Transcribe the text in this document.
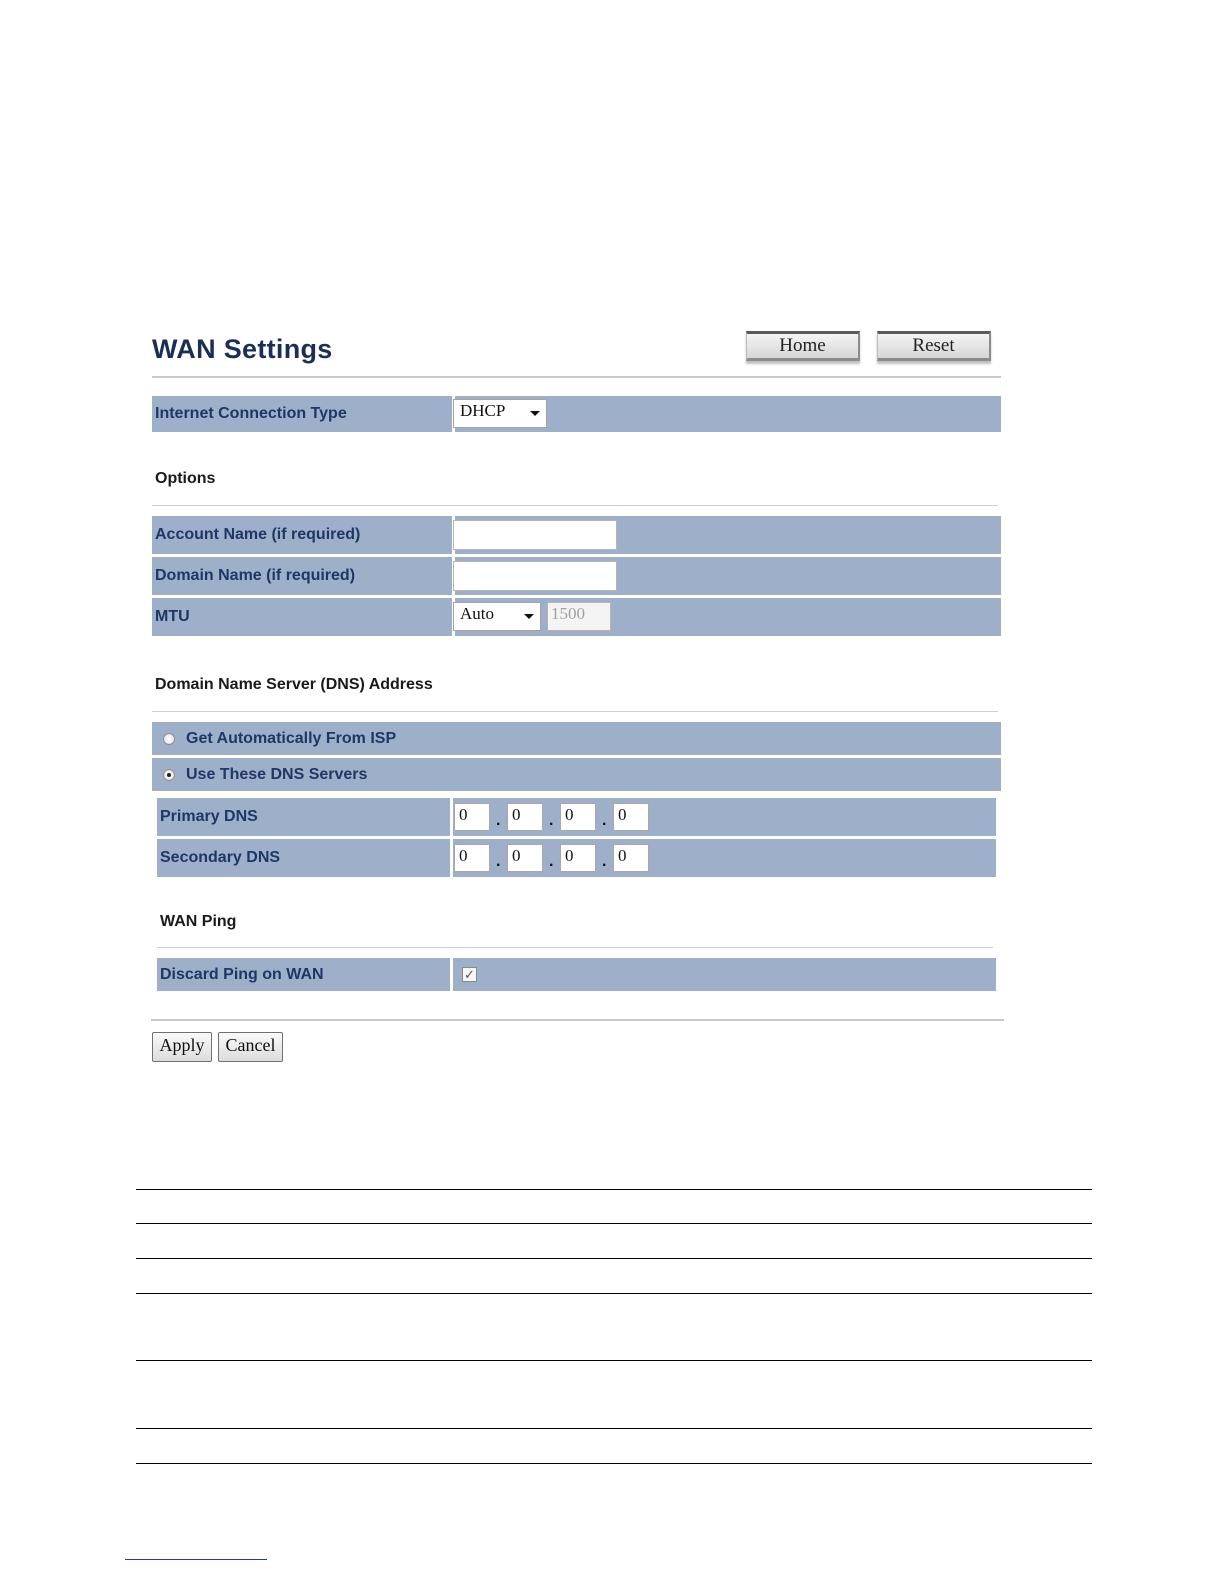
WAN Settings	Home	Reset
Internet Connection Type	DHCP
Options
Account Name (if required)
Domain Name (if required)
MTU	Auto	1500
Domain Name Server (DNS) Address
Get Automatically From ISP
Use These DNS Servers
Primary DNS	0	. 0	. 0	. 0
Secondary DNS	0	. 0	. 0	. 0
WAN Ping
Discard Ping on WAN	✓
Apply	Cancel
